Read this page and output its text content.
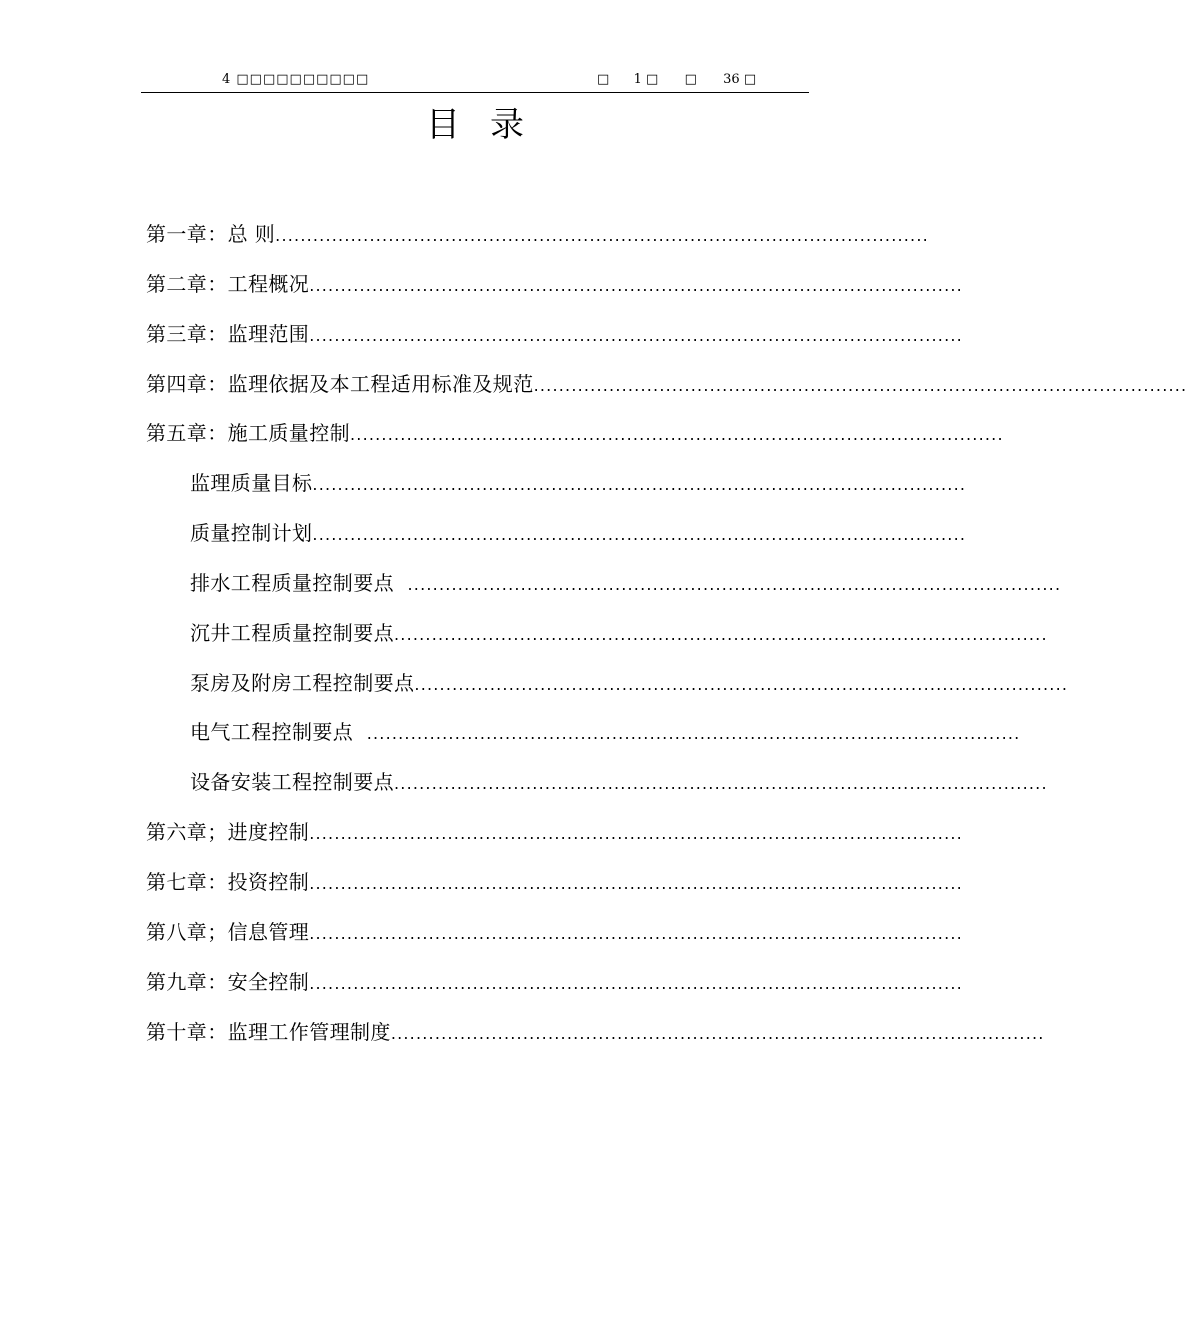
4 □□□□□□□□□□	□ 1 □ □ 36 □
目录
第一章：总 则 ........................................................................................................
第二章：工程概况 ........................................................................................................
第三章：监理范围 ........................................................................................................
第四章：监理依据及本工程适用标准及规范 ........................................................................................................
第五章：施工质量控制 ........................................................................................................
监理质量目标 ........................................................................................................
质量控制计划 ........................................................................................................
排水工程质量控制要点 ........................................................................................................
沉井工程质量控制要点 ........................................................................................................
泵房及附房工程控制要点 ........................................................................................................
电气工程控制要点 ........................................................................................................
设备安装工程控制要点 ........................................................................................................
第六章；进度控制 ........................................................................................................
第七章：投资控制 ........................................................................................................
第八章；信息管理 ........................................................................................................
第九章：安全控制 ........................................................................................................
第十章：监理工作管理制度 ........................................................................................................
